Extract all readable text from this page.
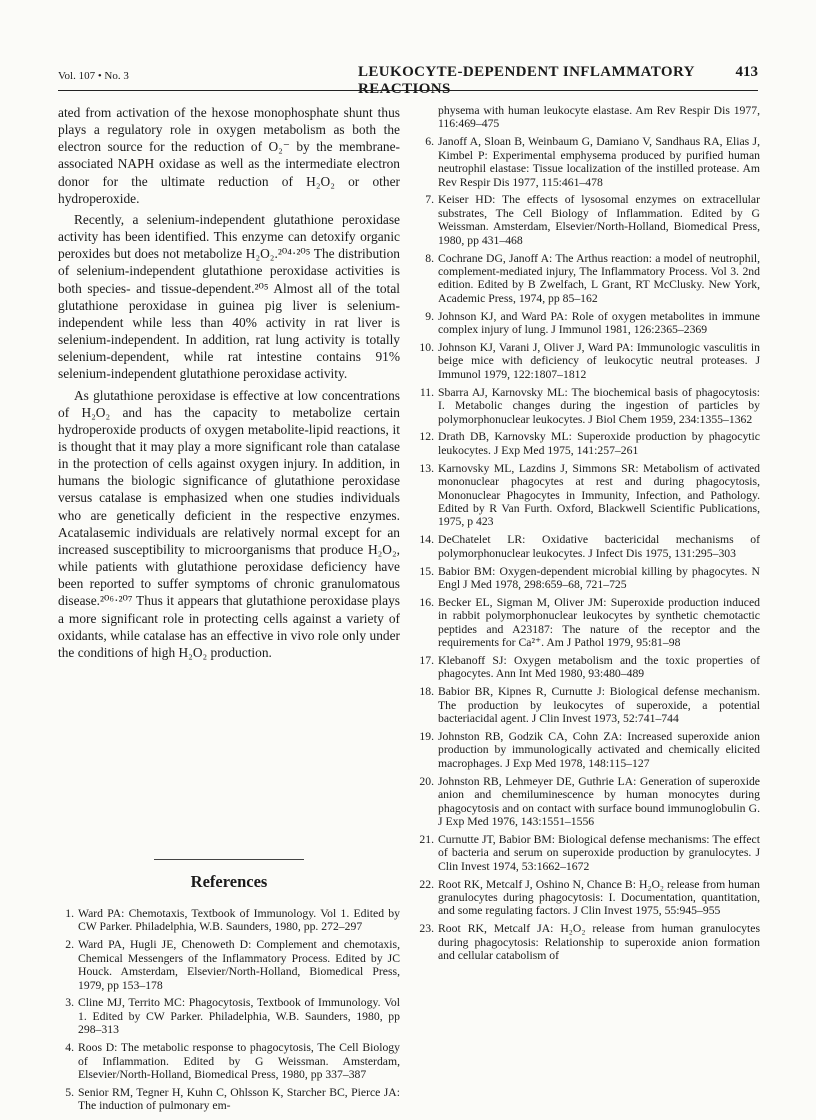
Vol. 107 • No. 3	LEUKOCYTE-DEPENDENT INFLAMMATORY REACTIONS
413

ated from activation of the hexose monophosphate shunt thus plays a regulatory role in oxygen metabolism as both the electron source for the reduction of O₂⁻ by the membrane-associated NAPH oxidase as well as the intermediate electron donor for the ultimate reduction of H₂O₂ or other hydroperoxide.

Recently, a selenium-independent glutathione peroxidase activity has been identified. This enzyme can detoxify organic peroxides but does not metabolize H₂O₂.²⁰⁴·²⁰⁵ The distribution of selenium-independent glutathione peroxidase activities is both species- and tissue-dependent.²⁰⁵ Almost all of the total glutathione peroxidase in guinea pig liver is selenium-independent while less than 40% activity in rat liver is selenium-independent. In addition, rat lung activity is totally selenium-dependent, while rat intestine contains 91% selenium-independent glutathione peroxidase activity.

As glutathione peroxidase is effective at low concentrations of H₂O₂ and has the capacity to metabolize certain hydroperoxide products of oxygen metabolite-lipid reactions, it is thought that it may play a more significant role than catalase in the protection of cells against oxygen injury. In addition, in humans the biologic significance of glutathione peroxidase versus catalase is emphasized when one studies individuals who are genetically deficient in the respective enzymes. Acatalasemic individuals are relatively normal except for an increased susceptibility to microorganisms that produce H₂O₂, while patients with glutathione peroxidase deficiency have been reported to suffer symptoms of chronic granulomatous disease.²⁰⁶·²⁰⁷ Thus it appears that glutathione peroxidase plays a more significant role in protecting cells against a variety of oxidants, while catalase has an effective in vivo role only under the conditions of high H₂O₂ production.

References
1. Ward PA: Chemotaxis, Textbook of Immunology. Vol 1. Edited by CW Parker. Philadelphia, W.B. Saunders, 1980, pp. 272–297
2. Ward PA, Hugli JE, Chenoweth D: Complement and chemotaxis, Chemical Messengers of the Inflammatory Process. Edited by JC Houck. Amsterdam, Elsevier/North-Holland, Biomedical Press, 1979, pp 153–178
3. Cline MJ, Territo MC: Phagocytosis, Textbook of Immunology. Vol 1. Edited by CW Parker. Philadelphia, W.B. Saunders, 1980, pp 298–313
4. Roos D: The metabolic response to phagocytosis, The Cell Biology of Inflammation. Edited by G Weissman. Amsterdam, Elsevier/North-Holland, Biomedical Press, 1980, pp 337–387
5. Senior RM, Tegner H, Kuhn C, Ohlsson K, Starcher BC, Pierce JA: The induction of pulmonary em-
physema with human leukocyte elastase. Am Rev Respir Dis 1977, 116:469–475
6. Janoff A, Sloan B, Weinbaum G, Damiano V, Sandhaus RA, Elias J, Kimbel P: Experimental emphysema produced by purified human neutrophil elastase: Tissue localization of the instilled protease. Am Rev Respir Dis 1977, 115:461–478
7. Keiser HD: The effects of lysosomal enzymes on extracellular substrates, The Cell Biology of Inflammation. Edited by G Weissman. Amsterdam, Elsevier/North-Holland, Biomedical Press, 1980, pp 431–468
8. Cochrane DG, Janoff A: The Arthus reaction: a model of neutrophil, complement-mediated injury, The Inflammatory Process. Vol 3. 2nd edition. Edited by B Zwelfach, L Grant, RT McClusky. New York, Academic Press, 1974, pp 85–162
9. Johnson KJ, and Ward PA: Role of oxygen metabolites in immune complex injury of lung. J Immunol 1981, 126:2365–2369
10. Johnson KJ, Varani J, Oliver J, Ward PA: Immunologic vasculitis in beige mice with deficiency of leukocytic neutral proteases. J Immunol 1979, 122:1807–1812
11. Sbarra AJ, Karnovsky ML: The biochemical basis of phagocytosis: I. Metabolic changes during the ingestion of particles by polymorphonuclear leukocytes. J Biol Chem 1959, 234:1355–1362
12. Drath DB, Karnovsky ML: Superoxide production by phagocytic leukocytes. J Exp Med 1975, 141:257–261
13. Karnovsky ML, Lazdins J, Simmons SR: Metabolism of activated mononuclear phagocytes at rest and during phagocytosis, Mononuclear Phagocytes in Immunity, Infection, and Pathology. Edited by R Van Furth. Oxford, Blackwell Scientific Publications, 1975, p 423
14. DeChatelet LR: Oxidative bactericidal mechanisms of polymorphonuclear leukocytes. J Infect Dis 1975, 131:295–303
15. Babior BM: Oxygen-dependent microbial killing by phagocytes. N Engl J Med 1978, 298:659–68, 721–725
16. Becker EL, Sigman M, Oliver JM: Superoxide production induced in rabbit polymorphonuclear leukocytes by synthetic chemotactic peptides and A23187: The nature of the receptor and the requirements for Ca²⁺. Am J Pathol 1979, 95:81–98
17. Klebanoff SJ: Oxygen metabolism and the toxic properties of phagocytes. Ann Int Med 1980, 93:480–489
18. Babior BR, Kipnes R, Curnutte J: Biological defense mechanism. The production by leukocytes of superoxide, a potential bacteriacidal agent. J Clin Invest 1973, 52:741–744
19. Johnston RB, Godzik CA, Cohn ZA: Increased superoxide anion production by immunologically activated and chemically elicited macrophages. J Exp Med 1978, 148:115–127
20. Johnston RB, Lehmeyer DE, Guthrie LA: Generation of superoxide anion and chemiluminescence by human monocytes during phagocytosis and on contact with surface bound immunoglobulin G. J Exp Med 1976, 143:1551–1556
21. Curnutte JT, Babior BM: Biological defense mechanisms: The effect of bacteria and serum on superoxide production by granulocytes. J Clin Invest 1974, 53:1662–1672
22. Root RK, Metcalf J, Oshino N, Chance B: H₂O₂ release from human granulocytes during phagocytosis: I. Documentation, quantitation, and some regulating factors. J Clin Invest 1975, 55:945–955
23. Root RK, Metcalf JA: H₂O₂ release from human granulocytes during phagocytosis: Relationship to superoxide anion formation and cellular catabolism of
